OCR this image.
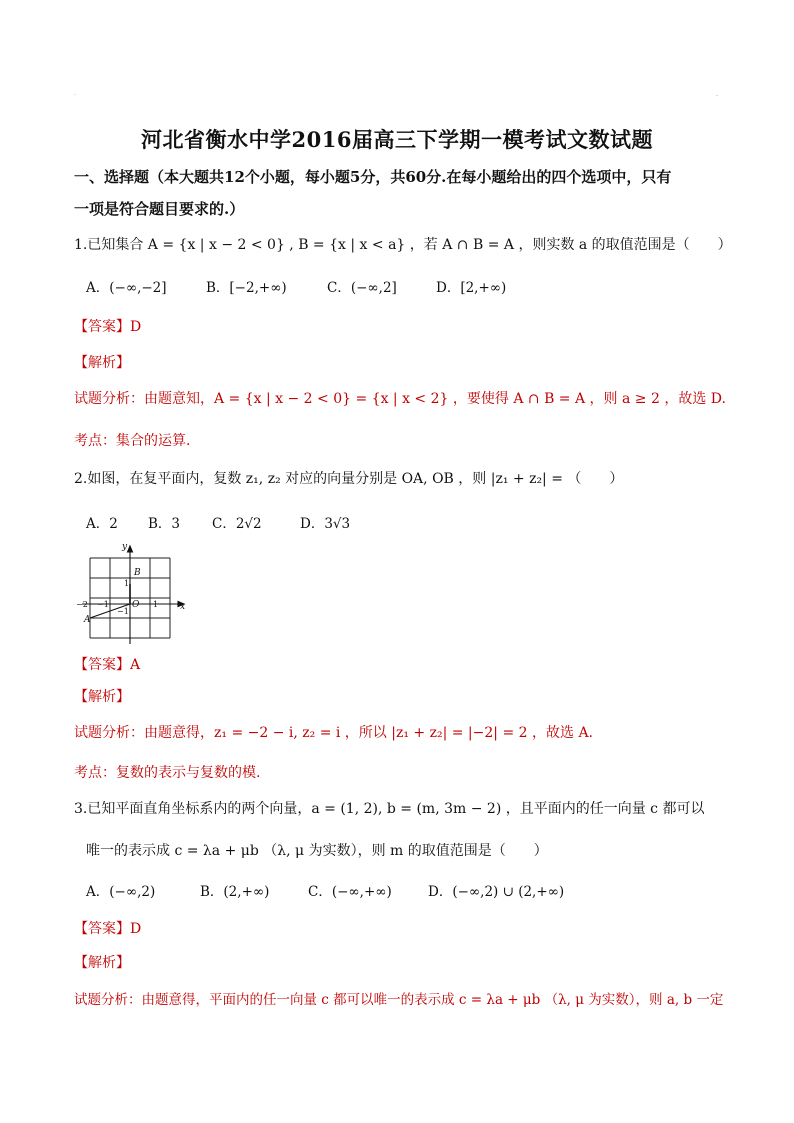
·	-
河北省衡水中学2016届高三下学期一模考试文数试题
一、选择题（本大题共12个小题，每小题5分，共60分.在每小题给出的四个选项中，只有
一项是符合题目要求的.）
1.已知集合 A = {x | x − 2 < 0} , B = {x | x < a} ，若 A ∩ B = A ，则实数 a 的取值范围是（　　）
A．(−∞,−2]	B．[−2,+∞)	C．(−∞,2]	D．[2,+∞)
【答案】D
【解析】
试题分析：由题意知，A = {x | x − 2 < 0} = {x | x < 2} ，要使得 A ∩ B = A ，则 a ≥ 2 ，故选 D.
考点：集合的运算.
2.如图，在复平面内，复数 z₁, z₂ 对应的向量分别是 OA, OB ，则 |z₁ + z₂| = （　　）
A．2 B．3 C．2√2	D．3√3
y
x
O
B
A
−2 −1	1
1
−1
【答案】A
【解析】
试题分析：由题意得，z₁ = −2 − i, z₂ = i ，所以 |z₁ + z₂| = |−2| = 2 ，故选 A.
考点：复数的表示与复数的模.
3.已知平面直角坐标系内的两个向量，a = (1, 2), b = (m, 3m − 2) ，且平面内的任一向量 c 都可以
唯一的表示成 c = λa + μb （λ, μ 为实数），则 m 的取值范围是（　　）
A．(−∞,2)	B．(2,+∞)	C．(−∞,+∞)	D．(−∞,2) ∪ (2,+∞)
【答案】D
【解析】
试题分析：由题意得，平面内的任一向量 c 都可以唯一的表示成 c = λa + μb （λ, μ 为实数），则 a, b 一定
